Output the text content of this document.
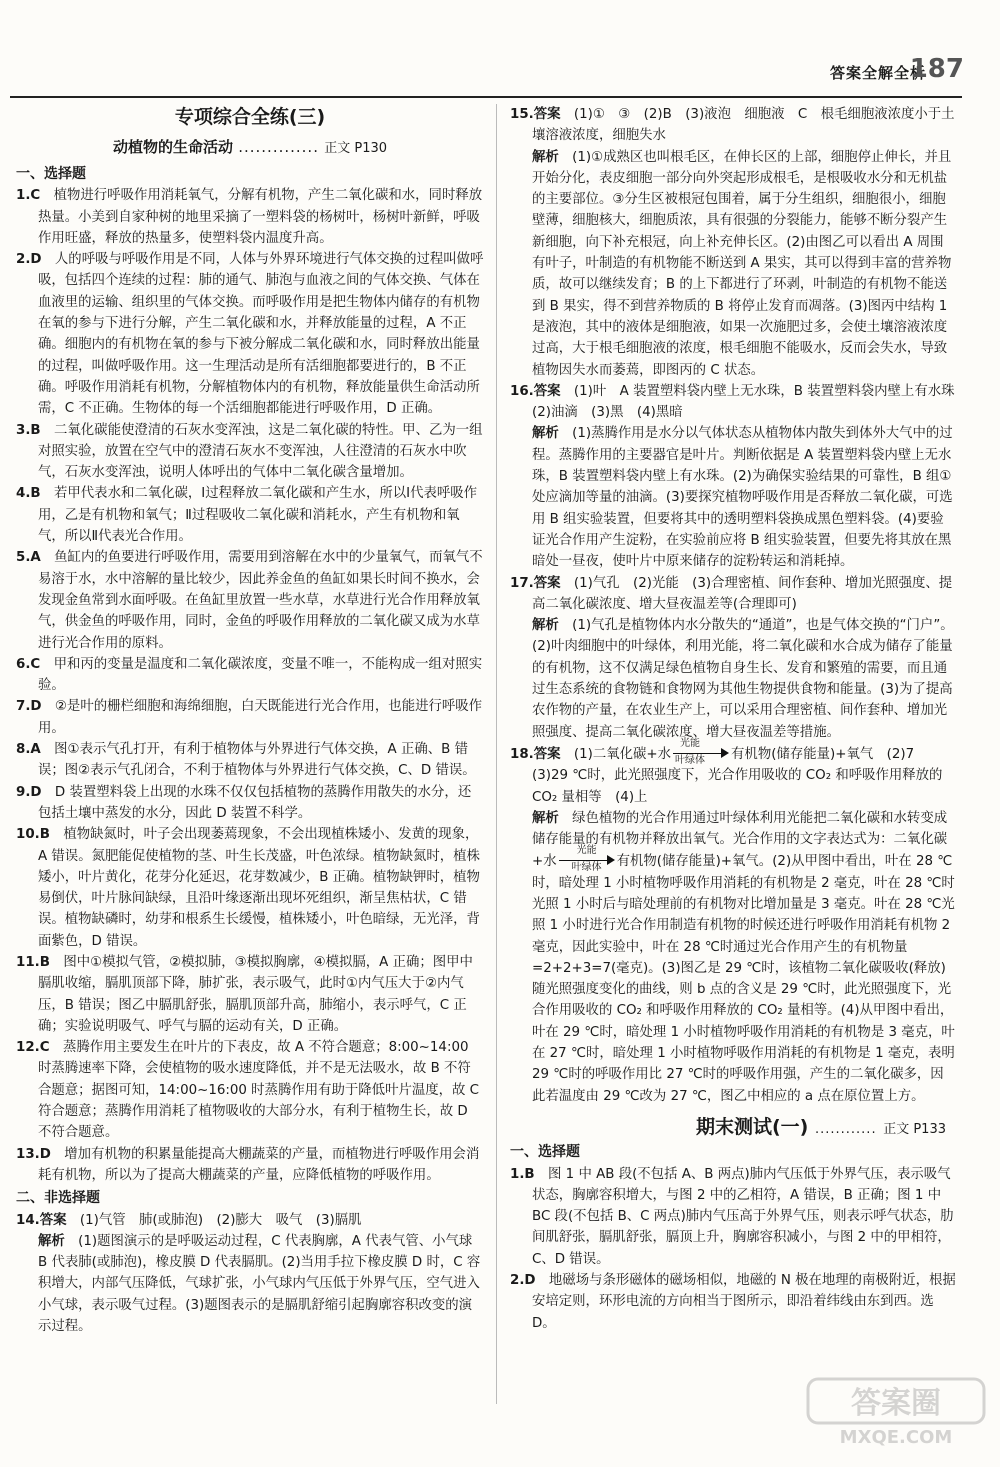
答案全解全析
187
专项综合全练(三)
动植物的生命活动 .............. 正文 P130
一、选择题

1.C　 植物进行呼吸作用消耗氧气，分解有机物，产生二氧化碳和水，同时释放热量。小美到自家种树的地里采摘了一塑料袋的杨树叶，杨树叶新鲜，呼吸作用旺盛，释放的热量多，使塑料袋内温度升高。

2.D　 人的呼吸与呼吸作用是不同，人体与外界环境进行气体交换的过程叫做呼吸，包括四个连续的过程：肺的通气、肺泡与血液之间的气体交换、气体在血液里的运输、组织里的气体交换。而呼吸作用是把生物体内储存的有机物在氧的参与下进行分解，产生二氧化碳和水，并释放能量的过程，A 不正确。细胞内的有机物在氧的参与下被分解成二氧化碳和水，同时释放出能量的过程，叫做呼吸作用。这一生理活动是所有活细胞都要进行的，B 不正确。呼吸作用消耗有机物，分解植物体内的有机物，释放能量供生命活动所需，C 不正确。生物体的每一个活细胞都能进行呼吸作用，D 正确。

3.B　 二氧化碳能使澄清的石灰水变浑浊，这是二氧化碳的特性。甲、乙为一组对照实验，放置在空气中的澄清石灰水不变浑浊，人往澄清的石灰水中吹气，石灰水变浑浊，说明人体呼出的气体中二氧化碳含量增加。

4.B　 若甲代表水和二氧化碳，Ⅰ过程释放二氧化碳和产生水，所以Ⅰ代表呼吸作用，乙是有机物和氧气；Ⅱ过程吸收二氧化碳和消耗水，产生有机物和氧气，所以Ⅱ代表光合作用。

5.A　 鱼缸内的鱼要进行呼吸作用，需要用到溶解在水中的少量氧气，而氧气不易溶于水，水中溶解的量比较少，因此养金鱼的鱼缸如果长时间不换水，会发现金鱼常到水面呼吸。在鱼缸里放置一些水草，水草进行光合作用释放氧气，供金鱼的呼吸作用，同时，金鱼的呼吸作用释放的二氧化碳又成为水草进行光合作用的原料。

6.C　 甲和丙的变量是温度和二氧化碳浓度，变量不唯一，不能构成一组对照实验。

7.D　 ②是叶的栅栏细胞和海绵细胞，白天既能进行光合作用，也能进行呼吸作用。

8.A　 图①表示气孔打开，有利于植物体与外界进行气体交换，A 正确、B 错误；图②表示气孔闭合，不利于植物体与外界进行气体交换，C、D 错误。

9.D　 D 装置塑料袋上出现的水珠不仅仅包括植物的蒸腾作用散失的水分，还包括土壤中蒸发的水分，因此 D 装置不科学。

10.B　 植物缺氮时，叶子会出现萎蔫现象，不会出现植株矮小、发黄的现象，A 错误。氮肥能促使植物的茎、叶生长茂盛，叶色浓绿。植物缺氮时，植株矮小，叶片黄化，花芽分化延迟，花芽数减少，B 正确。植物缺钾时，植物易倒伏，叶片脉间缺绿，且沿叶缘逐渐出现坏死组织，渐呈焦枯状，C 错误。植物缺磷时，幼芽和根系生长缓慢，植株矮小，叶色暗绿，无光泽，背面紫色，D 错误。

11.B　 图中①模拟气管，②模拟肺，③模拟胸廓，④模拟膈，A 正确；图甲中膈肌收缩，膈肌顶部下降，肺扩张，表示吸气，此时①内气压大于②内气压，B 错误；图乙中膈肌舒张，膈肌顶部升高，肺缩小，表示呼气，C 正确；实验说明吸气、呼气与膈的运动有关，D 正确。

12.C　 蒸腾作用主要发生在叶片的下表皮，故 A 不符合题意；8:00~14:00 时蒸腾速率下降，会使植物的吸水速度降低，并不是无法吸水，故 B 不符合题意；据图可知，14:00~16:00 时蒸腾作用有助于降低叶片温度，故 C 符合题意；蒸腾作用消耗了植物吸收的大部分水，有利于植物生长，故 D 不符合题意。

13.D　 增加有机物的积累量能提高大棚蔬菜的产量，而植物进行呼吸作用会消耗有机物，所以为了提高大棚蔬菜的产量，应降低植物的呼吸作用。

二、非选择题

14.答案　 (1)气管　肺(或肺泡)　(2)膨大　吸气　(3)膈肌

解析　 (1)题图演示的是呼吸运动过程，C 代表胸廓，A 代表气管、小气球 B 代表肺(或肺泡)，橡皮膜 D 代表膈肌。(2)当用手拉下橡皮膜 D 时，C 容积增大，内部气压降低，气球扩张，小气球内气压低于外界气压，空气进入小气球，表示吸气过程。(3)题图表示的是膈肌舒缩引起胸廓容积改变的演示过程。

15.答案　 (1)①　③　(2)B　(3)液泡　细胞液　C　根毛细胞液浓度小于土壤溶液浓度，细胞失水

解析　 (1)①成熟区也叫根毛区，在伸长区的上部，细胞停止伸长，并且开始分化，表皮细胞一部分向外突起形成根毛，是根吸收水分和无机盐的主要部位。③分生区被根冠包围着，属于分生组织，细胞很小，细胞壁薄，细胞核大，细胞质浓，具有很强的分裂能力，能够不断分裂产生新细胞，向下补充根冠，向上补充伸长区。(2)由图乙可以看出 A 周围有叶子，叶制造的有机物能不断送到 A 果实，其可以得到丰富的营养物质，故可以继续发育；B 的上下都进行了环剥，叶制造的有机物不能送到 B 果实，得不到营养物质的 B 将停止发育而凋落。(3)图丙中结构 1 是液泡，其中的液体是细胞液，如果一次施肥过多，会使土壤溶液浓度过高，大于根毛细胞液的浓度，根毛细胞不能吸水，反而会失水，导致植物因失水而萎蔫，即图丙的 C 状态。

16.答案　 (1)叶　A 装置塑料袋内壁上无水珠，B 装置塑料袋内壁上有水珠　(2)油滴　(3)黑　(4)黑暗

解析　 (1)蒸腾作用是水分以气体状态从植物体内散失到体外大气中的过程。蒸腾作用的主要器官是叶片。判断依据是 A 装置塑料袋内壁上无水珠，B 装置塑料袋内壁上有水珠。(2)为确保实验结果的可靠性，B 组①处应滴加等量的油滴。(3)要探究植物呼吸作用是否释放二氧化碳，可选用 B 组实验装置，但要将其中的透明塑料袋换成黑色塑料袋。(4)要验证光合作用产生淀粉，在实验前应将 B 组实验装置，但要先将其放在黑暗处一昼夜，使叶片中原来储存的淀粉转运和消耗掉。

17.答案　 (1)气孔　(2)光能　(3)合理密植、间作套种、增加光照强度、提高二氧化碳浓度、增大昼夜温差等(合理即可)

解析　 (1)气孔是植物体内水分散失的“通道”，也是气体交换的“门户”。(2)叶肉细胞中的叶绿体，利用光能，将二氧化碳和水合成为储存了能量的有机物，这不仅满足绿色植物自身生长、发育和繁殖的需要，而且通过生态系统的食物链和食物网为其他生物提供食物和能量。(3)为了提高农作物的产量，在农业生产上，可以采用合理密植、间作套种、增加光照强度、提高二氧化碳浓度、增大昼夜温差等措施。

18.答案　 (1)二氧化碳+水
光能
叶绿体	有机物(储存能量)+氧气　(2)7

(3)29 ℃时，此光照强度下，光合作用吸收的 CO₂ 和呼吸作用释放的 CO₂ 量相等　(4)上

解析　 绿色植物的光合作用通过叶绿体利用光能把二氧化碳和水转变成储存能量的有机物并释放出氧气。光合作用的文字表达式为：二氧化碳+水
光能
叶绿体	有机物(储存能量)+氧气。(2)从甲图中看出，叶在 28 ℃时，暗处理 1 小时植物呼吸作用消耗的有机物是 2 毫克，叶在 28 ℃时光照 1 小时后与暗处理前的有机物对比增加量是 3 毫克。叶在 28 ℃光照 1 小时进行光合作用制造有机物的时候还进行呼吸作用消耗有机物 2 毫克，因此实验中，叶在 28 ℃时通过光合作用产生的有机物量=2+2+3=7(毫克)。(3)图乙是 29 ℃时，该植物二氧化碳吸收(释放)随光照强度变化的曲线，则 b 点的含义是 29 ℃时，此光照强度下，光合作用吸收的 CO₂ 和呼吸作用释放的 CO₂ 量相等。(4)从甲图中看出，叶在 29 ℃时，暗处理 1 小时植物呼吸作用消耗的有机物是 3 毫克，叶在 27 ℃时，暗处理 1 小时植物呼吸作用消耗的有机物是 1 毫克，表明 29 ℃时的呼吸作用比 27 ℃时的呼吸作用强，产生的二氧化碳多，因此若温度由 29 ℃改为 27 ℃，图乙中相应的 a 点在原位置上方。

期末测试(一) ............ 正文 P133
一、选择题

1.B　 图 1 中 AB 段(不包括 A、B 两点)肺内气压低于外界气压，表示吸气状态，胸廓容积增大，与图 2 中的乙相符，A 错误，B 正确；图 1 中 BC 段(不包括 B、C 两点)肺内气压高于外界气压，则表示呼气状态，肋间肌舒张，膈肌舒张，膈顶上升，胸廓容积减小，与图 2 中的甲相符，C、D 错误。

2.D　 地磁场与条形磁体的磁场相似，地磁的 N 极在地理的南极附近，根据安培定则，环形电流的方向相当于图所示，即沿着纬线由东到西。选 D。

答案圈
MXQE.COM
